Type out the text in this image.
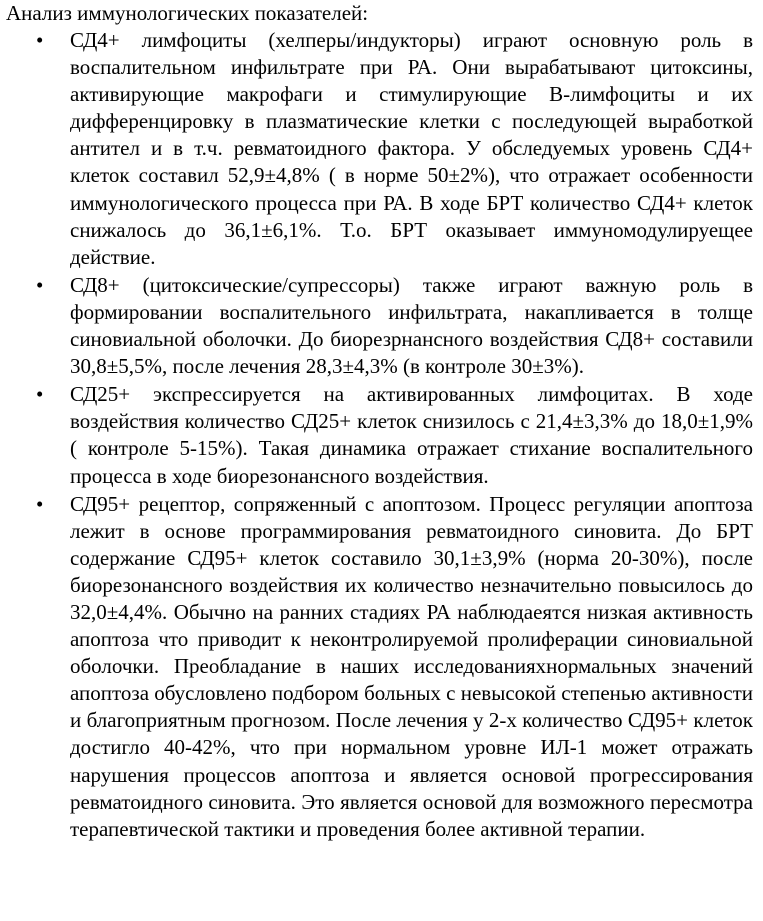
Анализ иммунологических показателей:

• СД4+ лимфоциты (хелперы/индукторы) играют основную роль в воспалительном инфильтрате при РА. Они вырабатывают цитоксины, активирующие макрофаги и стимулирующие В-лимфоциты и их дифференцировку в плазматические клетки с последующей выработкой антител и в т.ч. ревматоидного фактора. У обследуемых уровень СД4+ клеток составил 52,9±4,8% ( в норме 50±2%), что отражает особенности иммунологического процесса при РА. В ходе БРТ количество СД4+ клеток снижалось до 36,1±6,1%. Т.о. БРТ оказывает иммуномодулируещее действие.
• СД8+ (цитоксические/супрессоры) также играют важную роль в формировании воспалительного инфильтрата, накапливается в толще синовиальной оболочки. До биорезрнансного воздействия СД8+ составили 30,8±5,5%, после лечения 28,3±4,3% (в контроле 30±3%).
• СД25+ экспрессируется на активированных лимфоцитах. В ходе воздействия количество СД25+ клеток снизилось с 21,4±3,3% до 18,0±1,9% ( контроле 5-15%). Такая динамика отражает стихание воспалительного процесса в ходе биорезонансного воздействия.
• СД95+ рецептор, сопряженный с апоптозом. Процесс регуляции апоптоза лежит в основе программирования ревматоидного синовита. До БРТ содержание СД95+ клеток составило 30,1±3,9% (норма 20-30%), после биорезонансного воздействия их количество незначительно повысилось до 32,0±4,4%. Обычно на ранних стадиях РА наблюдаеятся низкая активность апоптоза что приводит к неконтролируемой пролиферации синовиальной оболочки. Преобладание в наших исследованияхнормальных значений апоптоза обусловлено подбором больных с невысокой степенью активности и благоприятным прогнозом. После лечения у 2-х количество СД95+ клеток достигло 40-42%, что при нормальном уровне ИЛ-1 может отражать нарушения процессов апоптоза и является основой прогрессирования ревматоидного синовита. Это является основой для возможного пересмотра терапевтической тактики и проведения более активной терапии.
